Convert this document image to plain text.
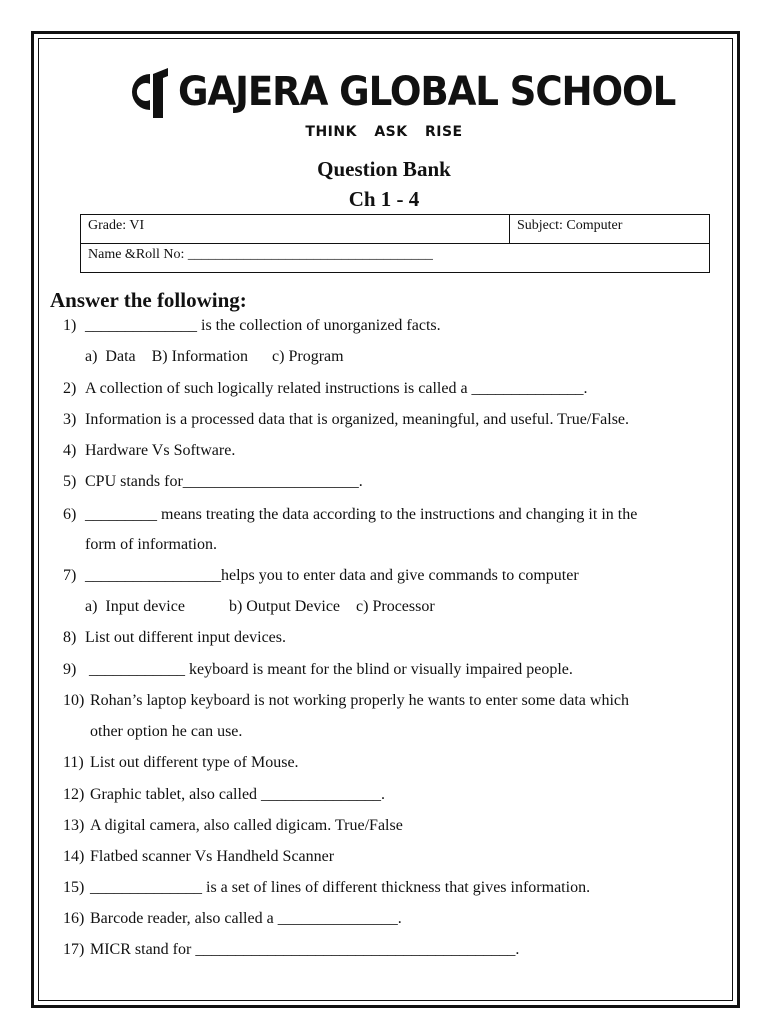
GAJERA GLOBAL SCHOOL
THINK ASK RISE
Question Bank
Ch 1 - 4
Grade: VI	Subject: Computer
Name &Roll No: ___________________________________
Answer the following:
1) ______________ is the collection of unorganized facts.
a)  Data    B) Information      c) Program
2) A collection of such logically related instructions is called a ______________.
3) Information is a processed data that is organized, meaningful, and useful. True/False.
4) Hardware Vs Software.
5) CPU stands for______________________.
6) _________ means treating the data according to the instructions and changing it in the
form of information.
7) _________________helps you to enter data and give commands to computer
a)  Input device           b) Output Device    c) Processor
8) List out different input devices.
9) ____________ keyboard is meant for the blind or visually impaired people.
10) Rohan’s laptop keyboard is not working properly he wants to enter some data which
other option he can use.
11) List out different type of Mouse.
12) Graphic tablet, also called _______________.
13) A digital camera, also called digicam. True/False
14) Flatbed scanner Vs Handheld Scanner
15) ______________ is a set of lines of different thickness that gives information.
16) Barcode reader, also called a _______________.
17) MICR stand for ________________________________________.
